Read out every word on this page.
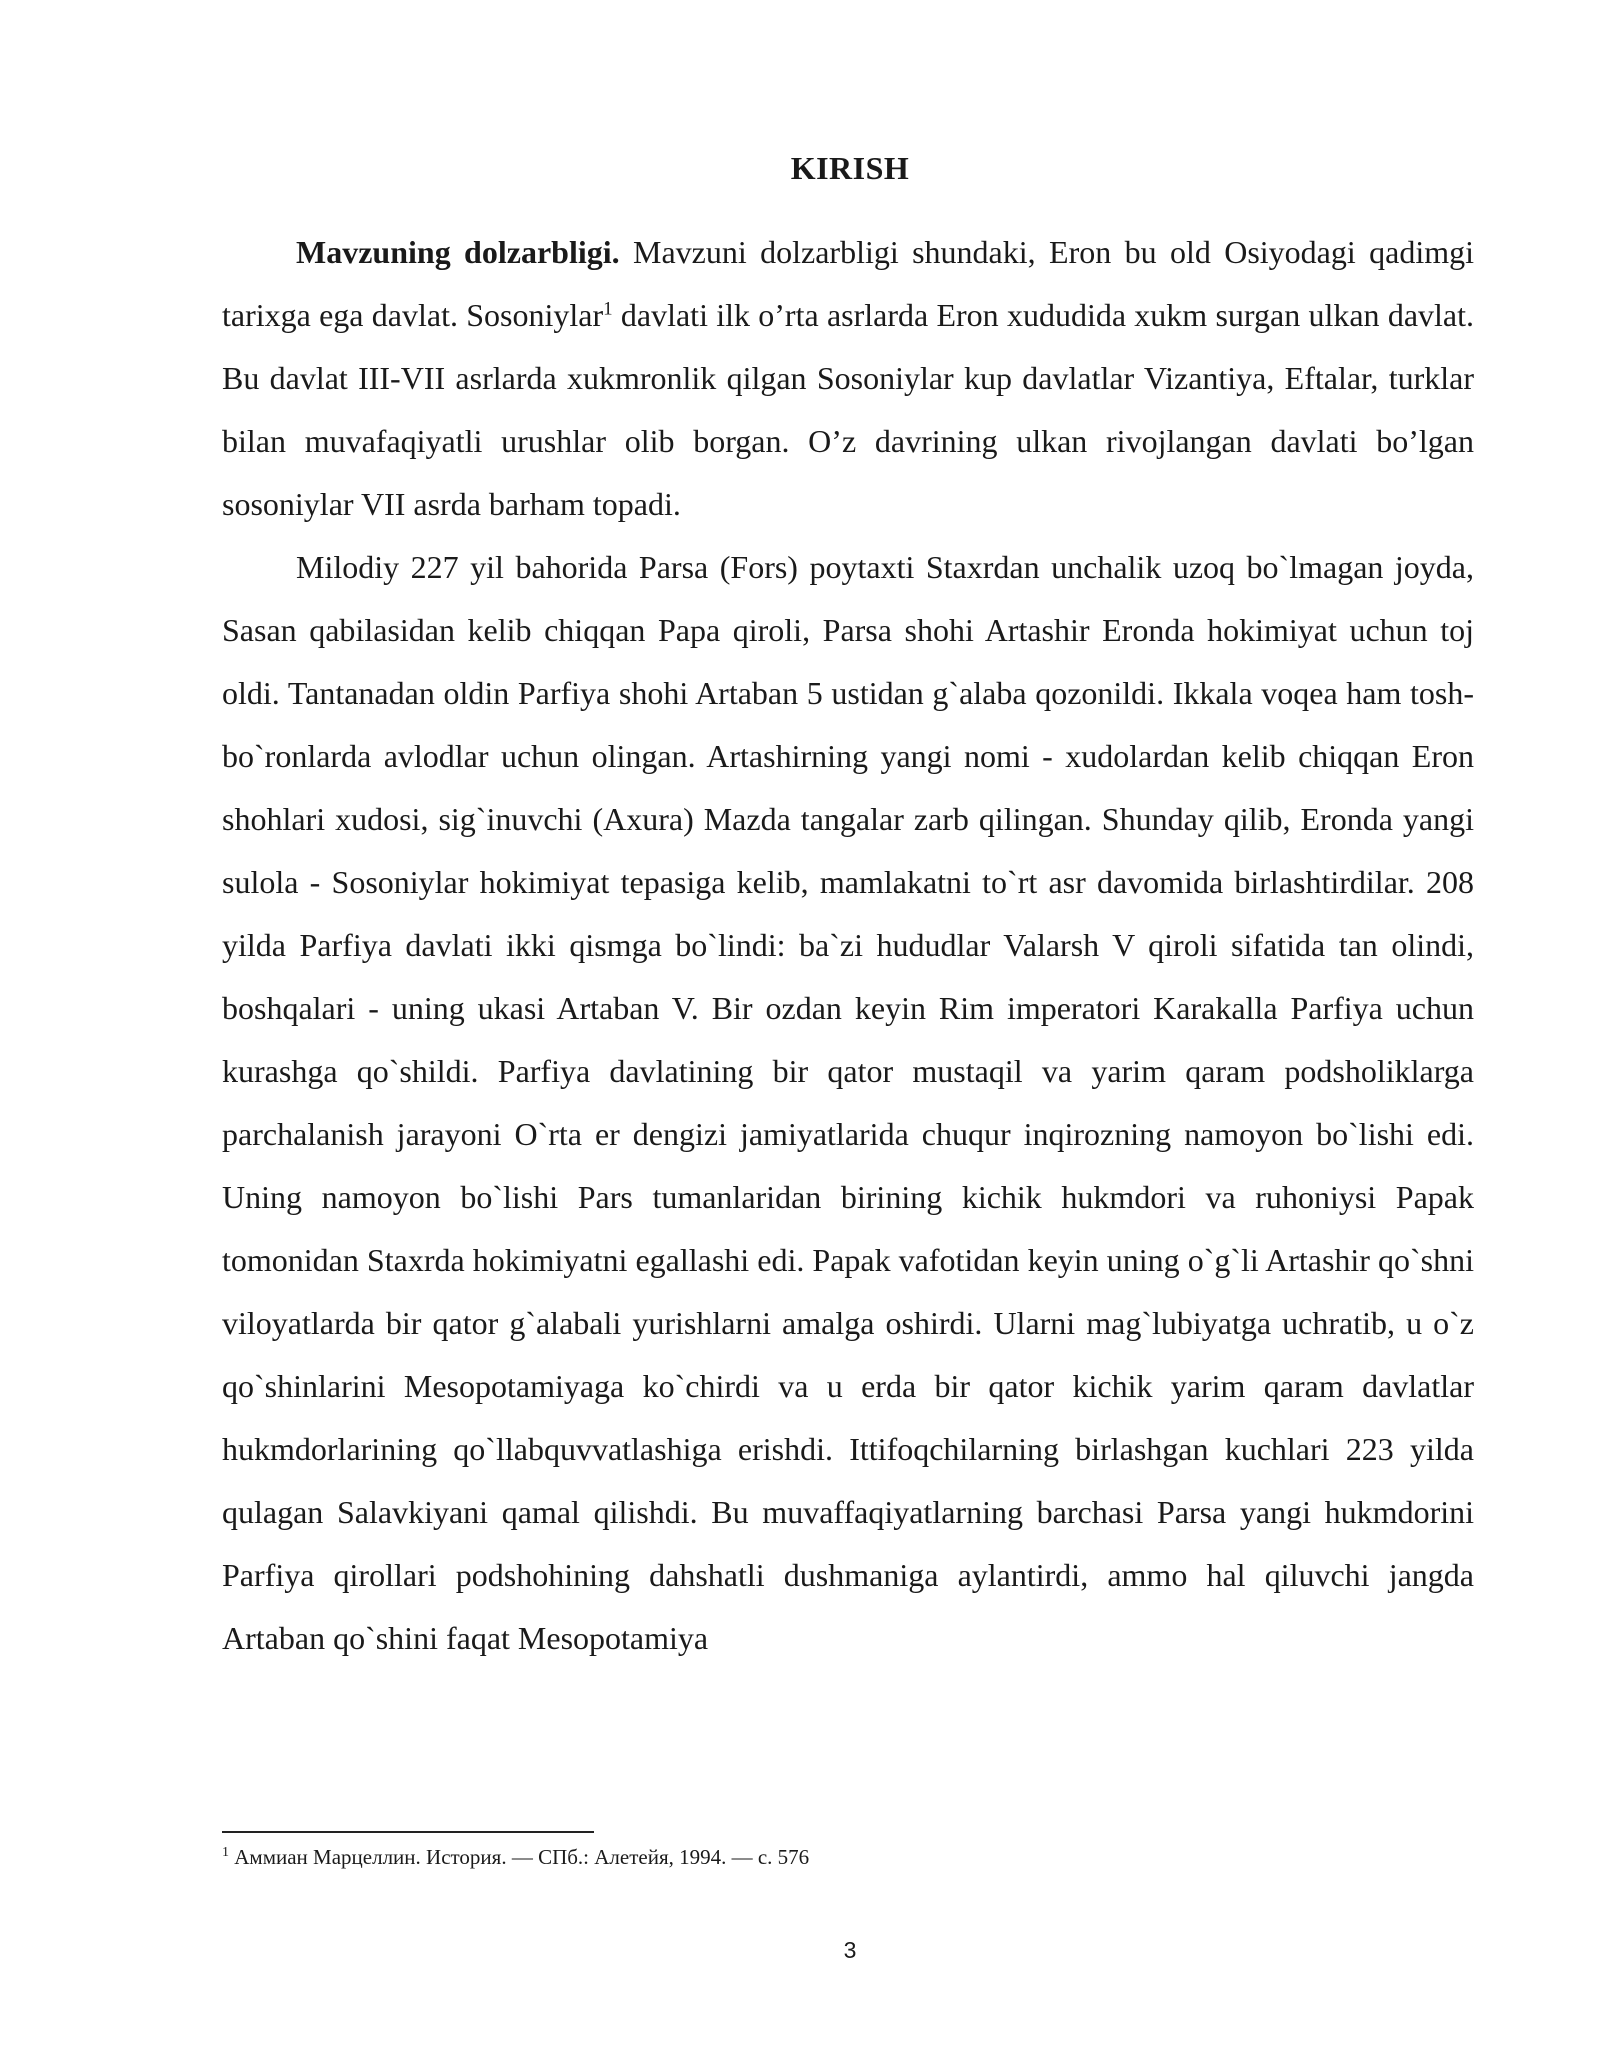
KIRISH

Mavzuning dolzarbligi. Mavzuni dolzarbligi shundaki, Eron bu old Osiyodagi qadimgi tarixga ega davlat. Sosoniylar$^1$ davlati ilk o’rta asrlarda Eron xududida xukm surgan ulkan davlat. Bu davlat III-VII asrlarda xukmronlik qilgan Sosoniylar kup davlatlar Vizantiya, Eftalar, turklar bilan muvafaqiyatli urushlar olib borgan. O’z davrining ulkan rivojlangan davlati bo’lgan sosoniylar VII asrda barham topadi.

Milodiy 227 yil bahorida Parsa (Fors) poytaxti Staxrdan unchalik uzoq bo`lmagan joyda, Sasan qabilasidan kelib chiqqan Papa qiroli, Parsa shohi Artashir Eronda hokimiyat uchun toj oldi. Tantanadan oldin Parfiya shohi Artaban 5 ustidan g`alaba qozonildi. Ikkala voqea ham tosh-bo`ronlarda avlodlar uchun olingan. Artashirning yangi nomi - xudolardan kelib chiqqan Eron shohlari xudosi, sig`inuvchi (Axura) Mazda tangalar zarb qilingan. Shunday qilib, Eronda yangi sulola - Sosoniylar hokimiyat tepasiga kelib, mamlakatni to`rt asr davomida birlashtirdilar. 208 yilda Parfiya davlati ikki qismga bo`lindi: ba`zi hududlar Valarsh V qiroli sifatida tan olindi, boshqalari - uning ukasi Artaban V. Bir ozdan keyin Rim imperatori Karakalla Parfiya uchun kurashga qo`shildi. Parfiya davlatining bir qator mustaqil va yarim qaram podsholiklarga parchalanish jarayoni O`rta er dengizi jamiyatlarida chuqur inqirozning namoyon bo`lishi edi. Uning namoyon bo`lishi Pars tumanlaridan birining kichik hukmdori va ruhoniysi Papak tomonidan Staxrda hokimiyatni egallashi edi. Papak vafotidan keyin uning o`g`li Artashir qo`shni viloyatlarda bir qator g`alabali yurishlarni amalga oshirdi. Ularni mag`lubiyatga uchratib, u o`z qo`shinlarini Mesopotamiyaga ko`chirdi va u erda bir qator kichik yarim qaram davlatlar hukmdorlarining qo`llabquvvatlashiga erishdi. Ittifoqchilarning birlashgan kuchlari 223 yilda qulagan Salavkiyani qamal qilishdi. Bu muvaffaqiyatlarning barchasi Parsa yangi hukmdorini Parfiya qirollari podshohining dahshatli dushmaniga aylantirdi, ammo hal qiluvchi jangda Artaban qo`shini faqat Mesopotamiya

$^1$ Аммиан Марцеллин. История. — СПб.: Алетейя, 1994. — с. 576
3
